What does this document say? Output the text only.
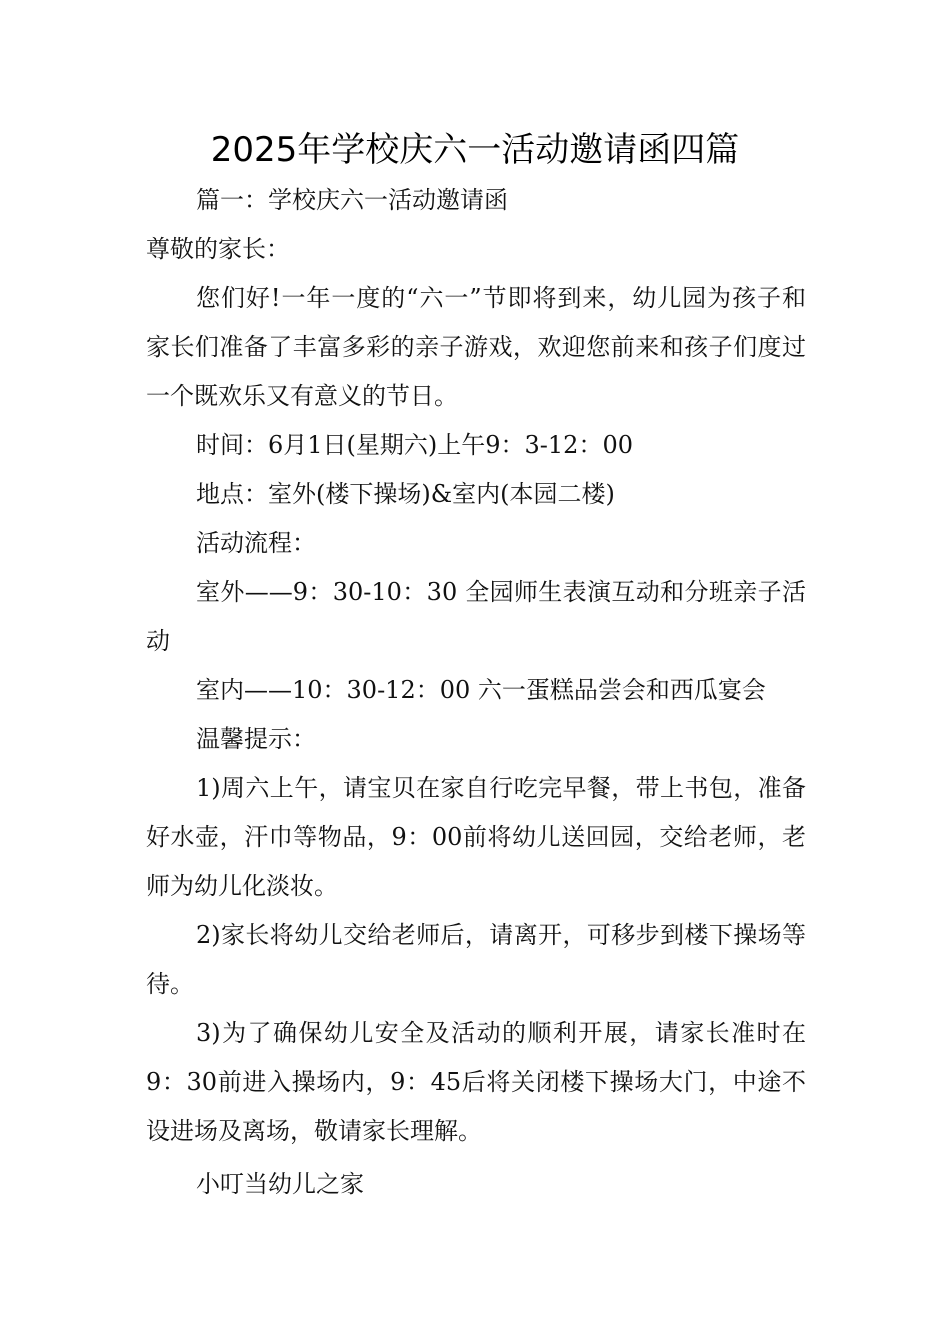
2025年学校庆六一活动邀请函四篇

篇一：学校庆六一活动邀请函

尊敬的家长：

您们好!一年一度的“六一”节即将到来，幼儿园为孩子和家长们准备了丰富多彩的亲子游戏，欢迎您前来和孩子们度过一个既欢乐又有意义的节日。

时间：6月1日(星期六)上午9：3-12：00

地点：室外(楼下操场)&室内(本园二楼)

活动流程：

室外——9：30-10：30 全园师生表演互动和分班亲子活动

室内——10：30-12：00 六一蛋糕品尝会和西瓜宴会

温馨提示：

1)周六上午，请宝贝在家自行吃完早餐，带上书包，准备好水壶，汗巾等物品，9：00前将幼儿送回园，交给老师，老师为幼儿化淡妆。

2)家长将幼儿交给老师后，请离开，可移步到楼下操场等待。

3)为了确保幼儿安全及活动的顺利开展，请家长准时在9：30前进入操场内，9：45后将关闭楼下操场大门，中途不设进场及离场，敬请家长理解。

小叮当幼儿之家
